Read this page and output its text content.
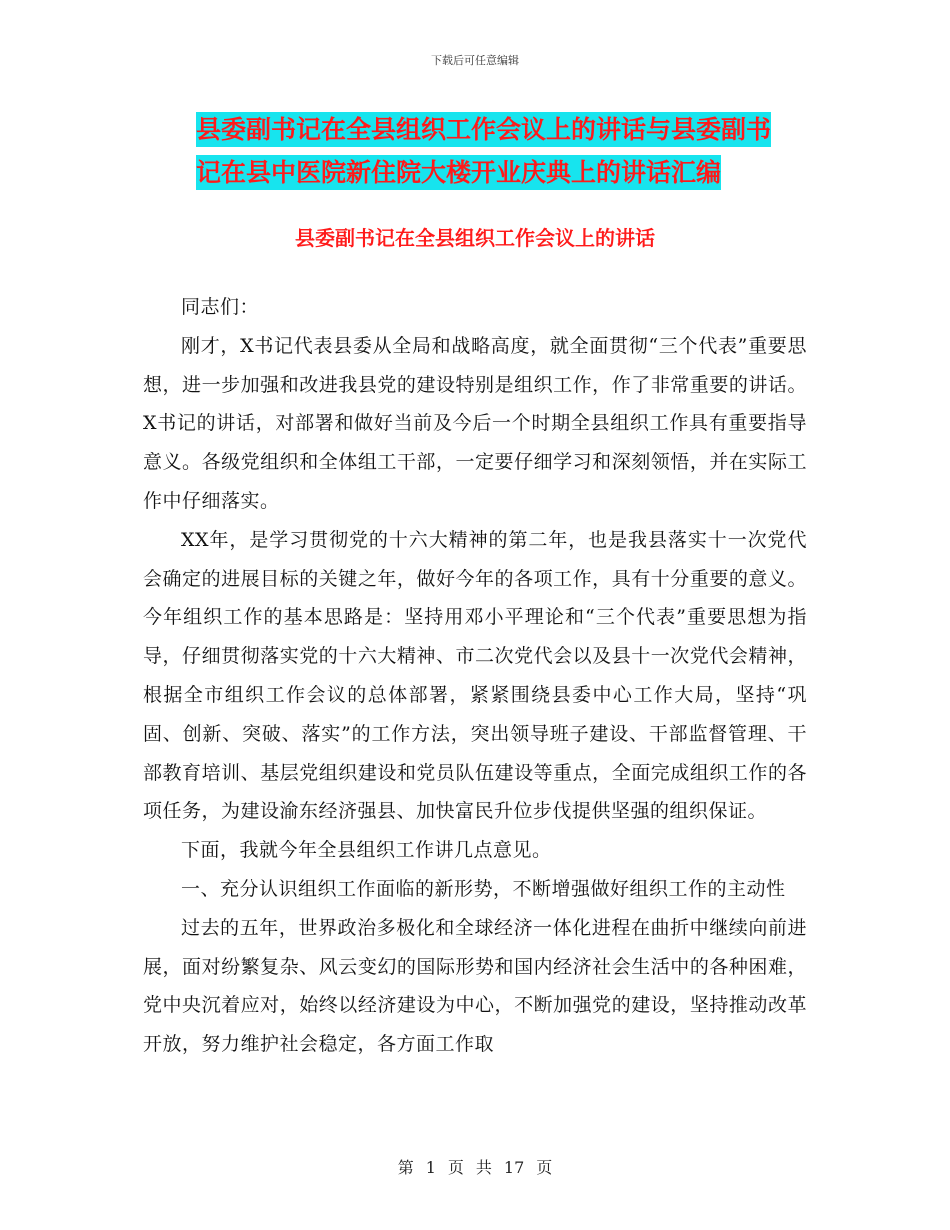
下载后可任意编辑
县委副书记在全县组织工作会议上的讲话与县委副书
记在县中医院新住院大楼开业庆典上的讲话汇编
县委副书记在全县组织工作会议上的讲话

同志们：

刚才，X书记代表县委从全局和战略高度，就全面贯彻“三个代表”重要思想，进一步加强和改进我县党的建设特别是组织工作，作了非常重要的讲话。X书记的讲话，对部署和做好当前及今后一个时期全县组织工作具有重要指导意义。各级党组织和全体组工干部，一定要仔细学习和深刻领悟，并在实际工作中仔细落实。

XX年，是学习贯彻党的十六大精神的第二年，也是我县落实十一次党代会确定的进展目标的关键之年，做好今年的各项工作，具有十分重要的意义。今年组织工作的基本思路是：坚持用邓小平理论和“三个代表”重要思想为指导，仔细贯彻落实党的十六大精神、市二次党代会以及县十一次党代会精神，根据全市组织工作会议的总体部署，紧紧围绕县委中心工作大局，坚持“巩固、创新、突破、落实”的工作方法，突出领导班子建设、干部监督管理、干部教育培训、基层党组织建设和党员队伍建设等重点，全面完成组织工作的各项任务，为建设渝东经济强县、加快富民升位步伐提供坚强的组织保证。

下面，我就今年全县组织工作讲几点意见。

一、充分认识组织工作面临的新形势，不断增强做好组织工作的主动性

过去的五年，世界政治多极化和全球经济一体化进程在曲折中继续向前进展，面对纷繁复杂、风云变幻的国际形势和国内经济社会生活中的各种困难，党中央沉着应对，始终以经济建设为中心，不断加强党的建设，坚持推动改革开放，努力维护社会稳定，各方面工作取

第 1 页 共 17 页
